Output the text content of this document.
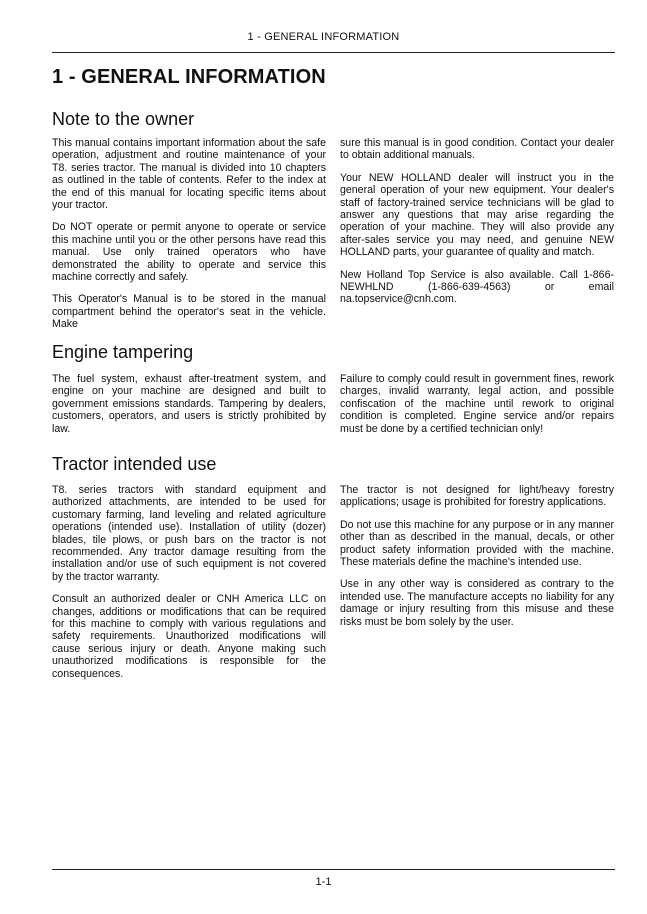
1 - GENERAL INFORMATION
1 - GENERAL INFORMATION
Note to the owner

This manual contains important information about the safe operation, adjustment and routine maintenance of your T8. series tractor. The manual is divided into 10 chapters as outlined in the table of contents. Refer to the index at the end of this manual for locating specific items about your tractor.

Do NOT operate or permit anyone to operate or service this machine until you or the other persons have read this manual. Use only trained operators who have demonstrated the ability to operate and service this machine correctly and safely.

This Operator's Manual is to be stored in the manual compartment behind the operator's seat in the vehicle. Make

sure this manual is in good condition. Contact your dealer to obtain additional manuals.

Your NEW HOLLAND dealer will instruct you in the general operation of your new equipment. Your dealer's staff of factory-trained service technicians will be glad to answer any questions that may arise regarding the operation of your machine. They will also provide any after-sales service you may need, and genuine NEW HOLLAND parts, your guarantee of quality and match.

New Holland Top Service is also available. Call 1-866-NEWHLND (1-866-639-4563) or email na.topservice@cnh.com.

Engine tampering

The fuel system, exhaust after-treatment system, and engine on your machine are designed and built to government emissions standards. Tampering by dealers, customers, operators, and users is strictly prohibited by law.

Failure to comply could result in government fines, rework charges, invalid warranty, legal action, and possible confiscation of the machine until rework to original condition is completed. Engine service and/or repairs must be done by a certified technician only!

Tractor intended use

T8. series tractors with standard equipment and authorized attachments, are intended to be used for customary farming, land leveling and related agriculture operations (intended use). Installation of utility (dozer) blades, tile plows, or push bars on the tractor is not recommended. Any tractor damage resulting from the installation and/or use of such equipment is not covered by the tractor warranty.

Consult an authorized dealer or CNH America LLC on changes, additions or modifications that can be required for this machine to comply with various regulations and safety requirements. Unauthorized modifications will cause serious injury or death. Anyone making such unauthorized modifications is responsible for the consequences.

The tractor is not designed for light/heavy forestry applications; usage is prohibited for forestry applications.

Do not use this machine for any purpose or in any manner other than as described in the manual, decals, or other product safety information provided with the machine. These materials define the machine's intended use.

Use in any other way is considered as contrary to the intended use. The manufacture accepts no liability for any damage or injury resulting from this misuse and these risks must be bom solely by the user.

1-1
